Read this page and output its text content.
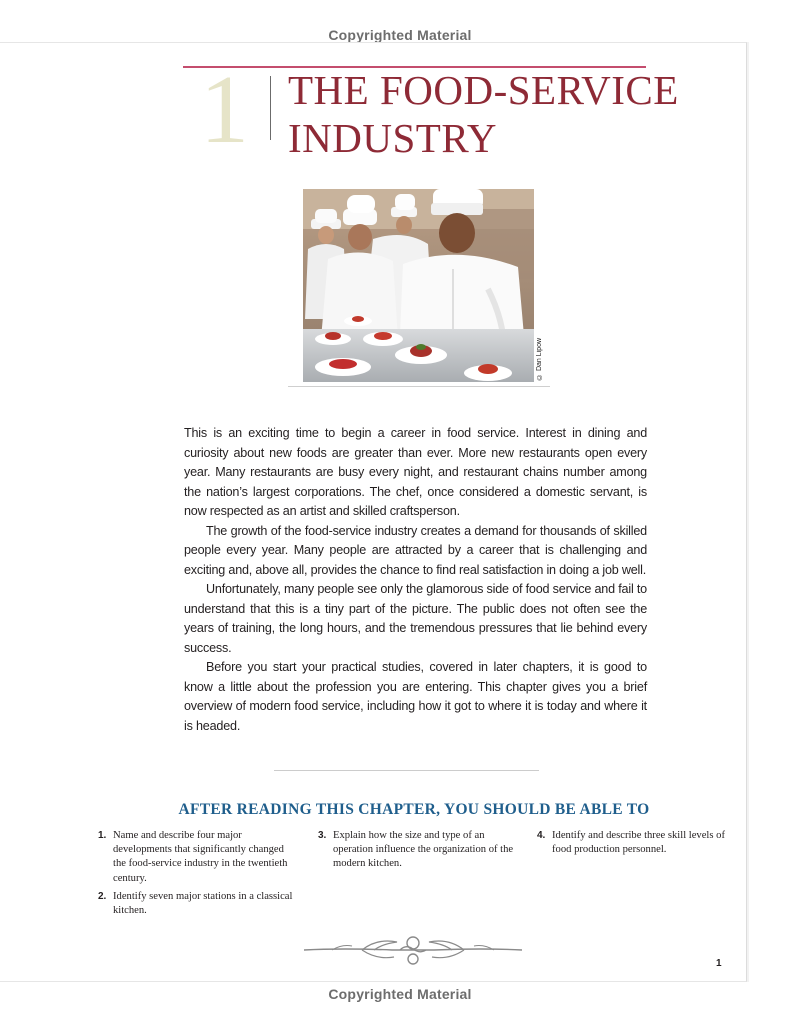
Copyrighted Material
1 THE FOOD-SERVICE
INDUSTRY
© Dan Lipow

This is an exciting time to begin a career in food service. Interest in dining and curiosity about new foods are greater than ever. More new restaurants open every year. Many restaurants are busy every night, and restaurant chains number among the nation’s largest corporations. The chef, once considered a domestic servant, is now respected as an artist and skilled craftsperson.

The growth of the food-service industry creates a demand for thousands of skilled people every year. Many people are attracted by a career that is challenging and exciting and, above all, provides the chance to find real satisfaction in doing a job well.

Unfortunately, many people see only the glamorous side of food service and fail to understand that this is a tiny part of the picture. The public does not often see the years of training, the long hours, and the tremendous pressures that lie behind every success.

Before you start your practical studies, covered in later chapters, it is good to know a little about the profession you are entering. This chapter gives you a brief overview of modern food service, including how it got to where it is today and where it is headed.

AFTER READING THIS CHAPTER, YOU SHOULD BE ABLE TO
1. Name and describe four major developments that significantly changed the food-service industry in the twentieth century.
2. Identify seven major stations in a classical kitchen.
3. Explain how the size and type of an operation influence the organization of the modern kitchen.
4. Identify and describe three skill levels of food production personnel.
1
Copyrighted Material
